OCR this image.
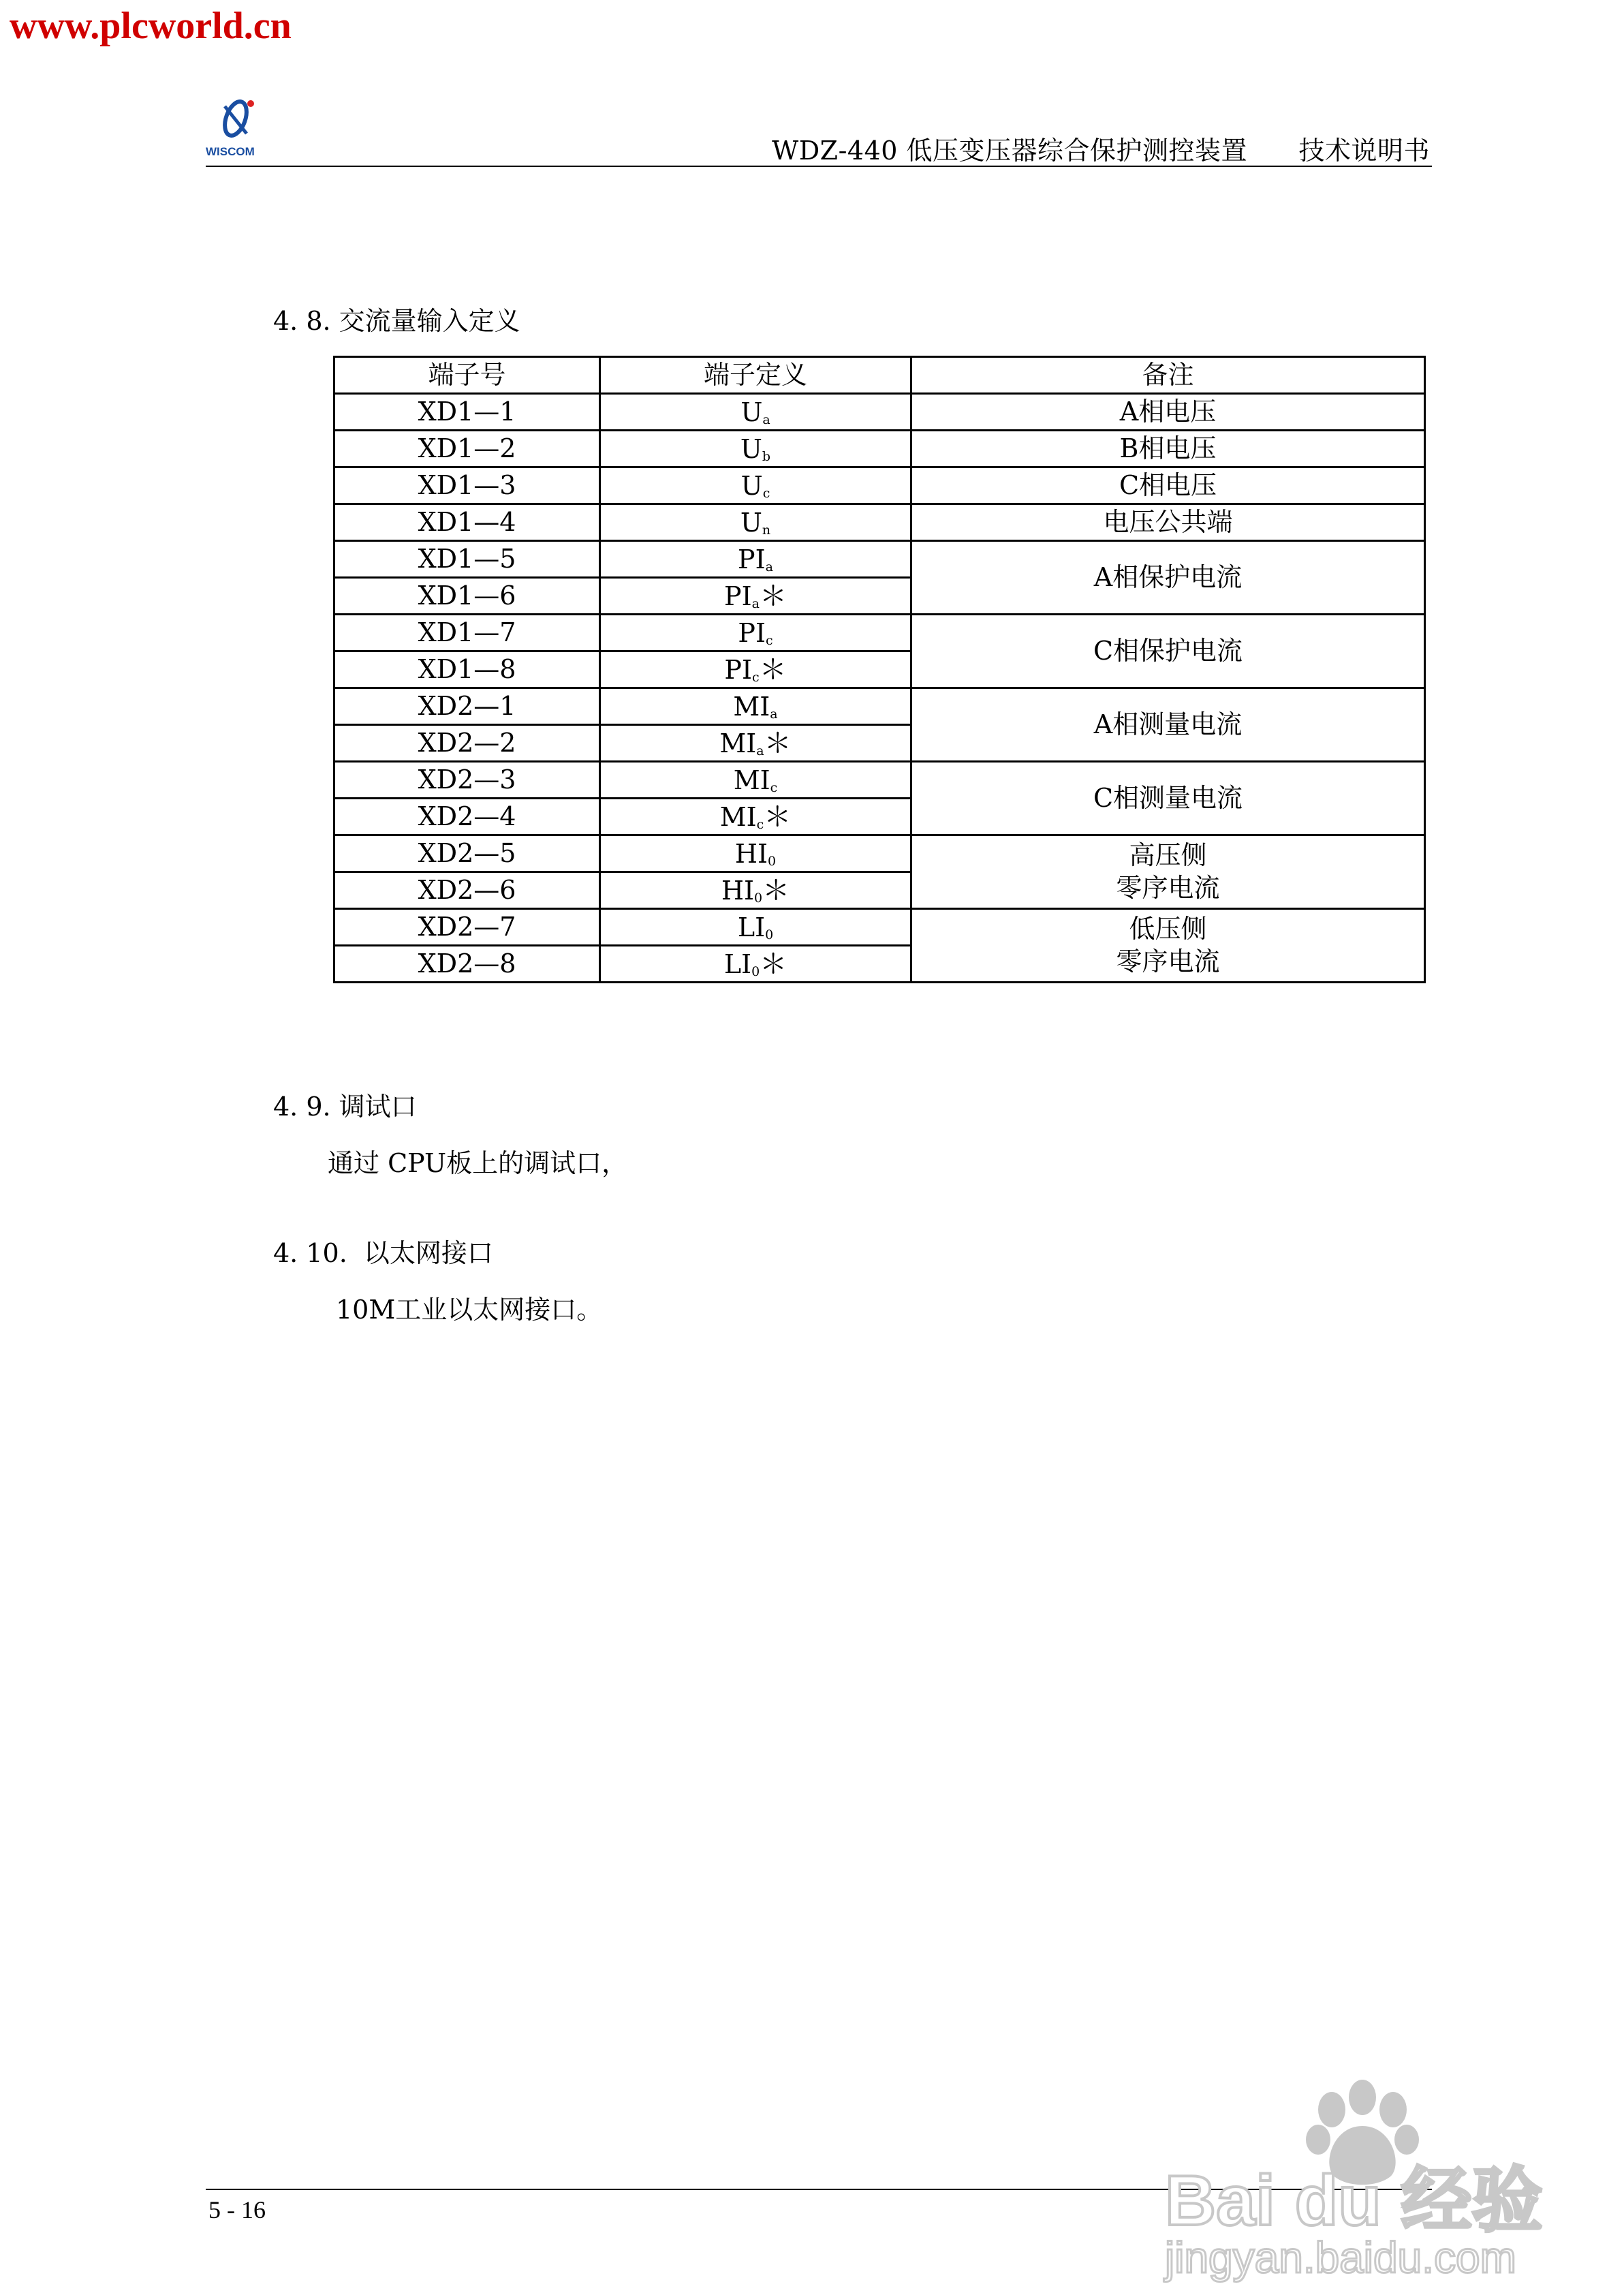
www.plcworld.cn
WISCOM	WDZ-440 低压变压器综合保护测控装置      技术说明书
4. 8. 交流量输入定义
端子号	端子定义	备注
XD1—1	$U_a$	A相电压
XD1—2	$U_b$	B相电压
XD1—3	$U_c$	C相电压
XD1—4	$U_n$	电压公共端
XD1—5	$PI_a$	A相保护电流

XD1—6	$PI_a*$	
XD1—7	$PI_c$	C相保护电流

XD1—8	$PI_c*$	
XD2—1	$MI_a$	A相测量电流

XD2—2	$MI_a*$	
XD2—3	$MI_c$	C相测量电流

XD2—4	$MI_c*$	
XD2—5	$HI_0$	高压侧
零序电流

XD2—6	$HI_0*$	
XD2—7	$LI_0$	低压侧
零序电流

XD2—8	$LI_0*$	
4. 9. 调试口
通过 CPU板上的调试口，
4. 10.  以太网接口
10M工业以太网接口。
5 - 16	Bai du 经验
jingyan.baidu.com
